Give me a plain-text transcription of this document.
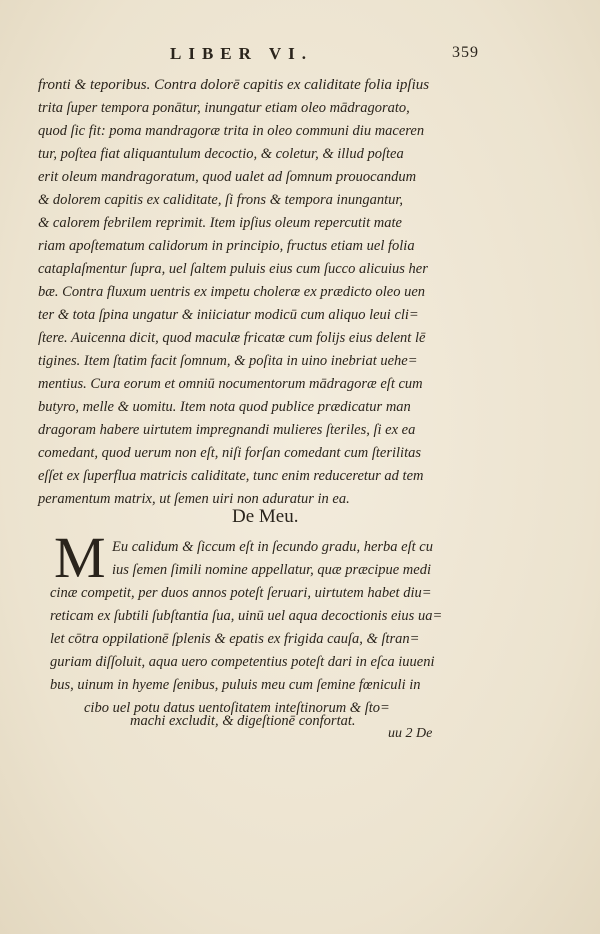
LIBER VI.	359
fronti & teporibus. Contra dolorē capitis ex caliditate folia ipſius
trita ſuper tempora ponātur, inungatur etiam oleo mādragorato,
quod ſic fit: poma mandragoræ trita in oleo communi diu maceren
tur, poſtea fiat aliquantulum decoctio, & coletur, & illud poſtea
erit oleum mandragoratum, quod ualet ad ſomnum prouocandum
& dolorem capitis ex caliditate, ſi frons & tempora inungantur,
& calorem febrilem reprimit. Item ipſius oleum repercutit mate
riam apoſtematum calidorum in principio, fructus etiam uel folia
cataplaſmentur ſupra, uel ſaltem puluis eius cum ſucco alicuius her
bæ. Contra fluxum uentris ex impetu choleræ ex prædicto oleo uen
ter & tota ſpina ungatur & iniiciatur modicū cum aliquo leui cli=
ſtere. Auicenna dicit, quod maculæ fricatæ cum folijs eius delent lē
tigines. Item ſtatim facit ſomnum, & poſita in uino inebriat uehe=
mentius. Cura eorum et omniū nocumentorum mādragoræ eſt cum
butyro, melle & uomitu. Item nota quod publice prædicatur man
dragoram habere uirtutem impregnandi mulieres ſteriles, ſi ex ea
comedant, quod uerum non eſt, niſi forſan comedant cum ſterilitas
eſſet ex ſuperflua matricis caliditate, tunc enim reduceretur ad tem
peramentum matrix, ut ſemen uiri non aduratur in ea.
De Meu.
M Eu calidum & ſiccum eſt in ſecundo gradu, herba eſt cu
ius ſemen ſimili nomine appellatur, quæ præcipue medi
cinæ competit, per duos annos poteſt ſeruari, uirtutem habet diu=
reticam ex ſubtili ſubſtantia ſua, uinū uel aqua decoctionis eius ua=
let cōtra oppilationē ſplenis & epatis ex frigida cauſa, & ſtran=
guriam diſſoluit, aqua uero competentius poteſt dari in eſca iuueni
bus, uinum in hyeme ſenibus, puluis meu cum ſemine fœniculi in
cibo uel potu datus uentoſitatem inteſtinorum & ſto=
machi excludit, & digeſtionē confortat.
uu 2 De
